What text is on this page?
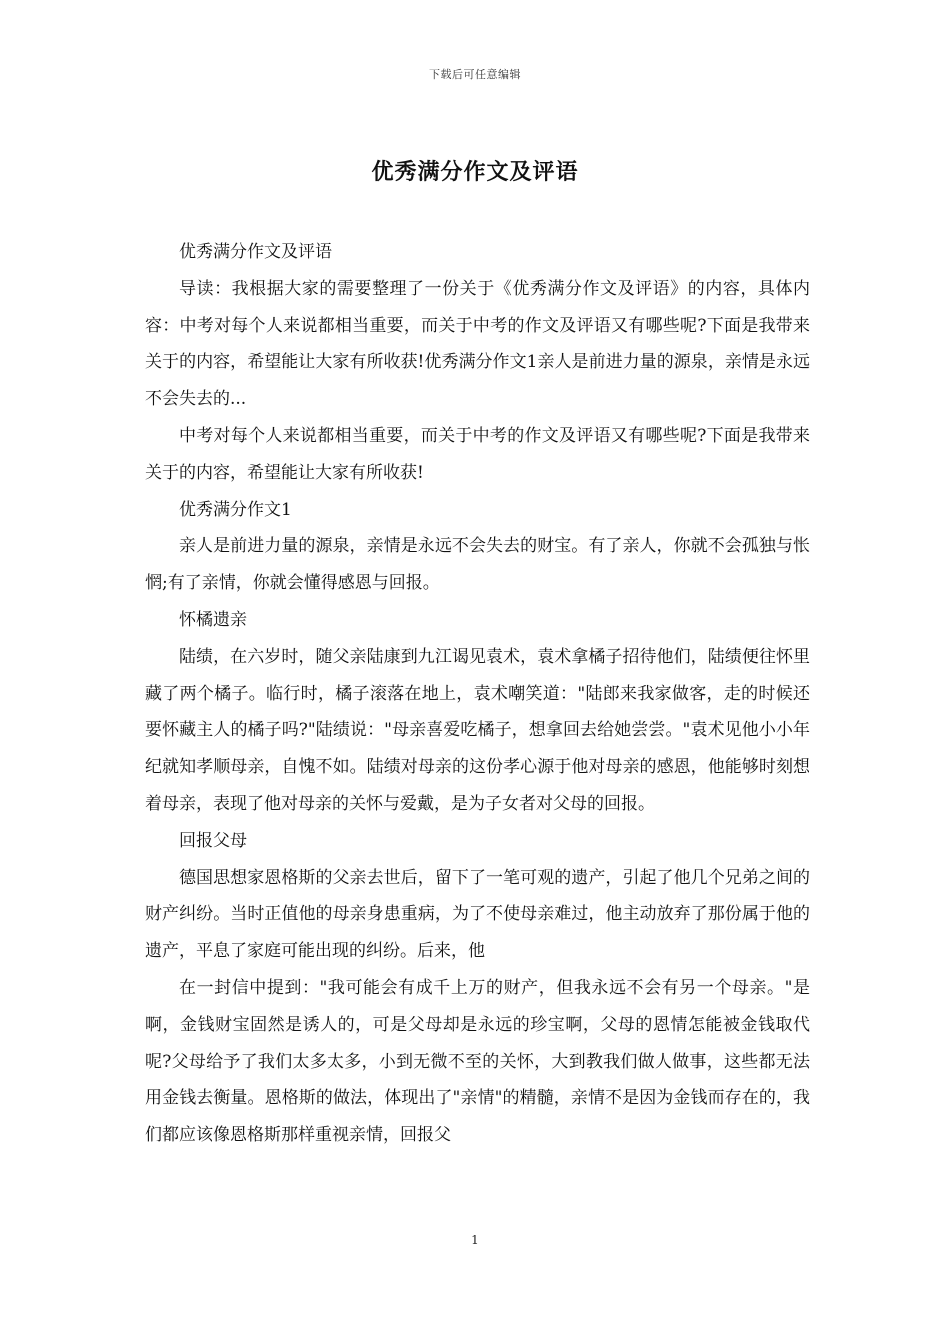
下载后可任意编辑
优秀满分作文及评语

优秀满分作文及评语

导读：我根据大家的需要整理了一份关于《优秀满分作文及评语》的内容，具体内容：中考对每个人来说都相当重要，而关于中考的作文及评语又有哪些呢?下面是我带来关于的内容，希望能让大家有所收获!优秀满分作文1亲人是前进力量的源泉，亲情是永远不会失去的...

中考对每个人来说都相当重要，而关于中考的作文及评语又有哪些呢?下面是我带来关于的内容，希望能让大家有所收获!

优秀满分作文1

亲人是前进力量的源泉，亲情是永远不会失去的财宝。有了亲人，你就不会孤独与怅惘;有了亲情，你就会懂得感恩与回报。

怀橘遗亲

陆绩，在六岁时，随父亲陆康到九江谒见袁术，袁术拿橘子招待他们，陆绩便往怀里藏了两个橘子。临行时，橘子滚落在地上，袁术嘲笑道："陆郎来我家做客，走的时候还要怀藏主人的橘子吗?"陆绩说："母亲喜爱吃橘子，想拿回去给她尝尝。"袁术见他小小年纪就知孝顺母亲，自愧不如。陆绩对母亲的这份孝心源于他对母亲的感恩，他能够时刻想着母亲，表现了他对母亲的关怀与爱戴，是为子女者对父母的回报。

回报父母

德国思想家恩格斯的父亲去世后，留下了一笔可观的遗产，引起了他几个兄弟之间的财产纠纷。当时正值他的母亲身患重病，为了不使母亲难过，他主动放弃了那份属于他的遗产，平息了家庭可能出现的纠纷。后来，他

在一封信中提到："我可能会有成千上万的财产，但我永远不会有另一个母亲。"是啊，金钱财宝固然是诱人的，可是父母却是永远的珍宝啊，父母的恩情怎能被金钱取代呢?父母给予了我们太多太多，小到无微不至的关怀，大到教我们做人做事，这些都无法用金钱去衡量。恩格斯的做法，体现出了"亲情"的精髓，亲情不是因为金钱而存在的，我们都应该像恩格斯那样重视亲情，回报父

1
